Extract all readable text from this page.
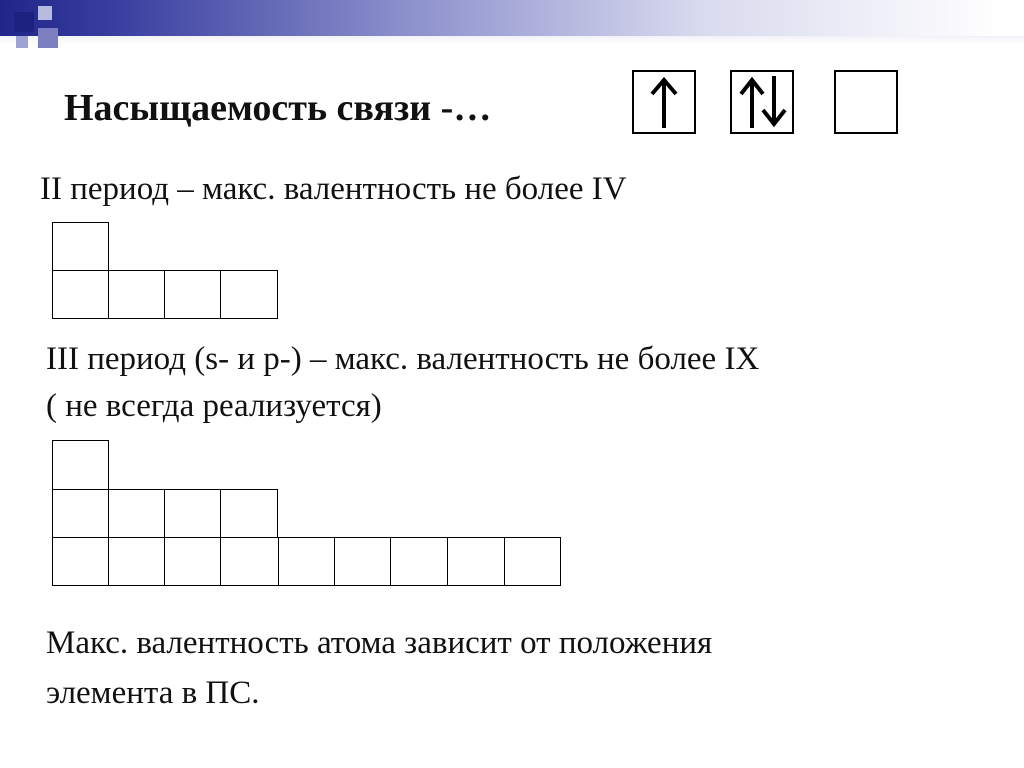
Насыщаемость связи -…
II период – макс. валентность не более IV
III период (s- и p-) – макс. валентность не более IX
( не всегда реализуется)
Макс. валентность атома зависит от положения
элемента в ПС.
